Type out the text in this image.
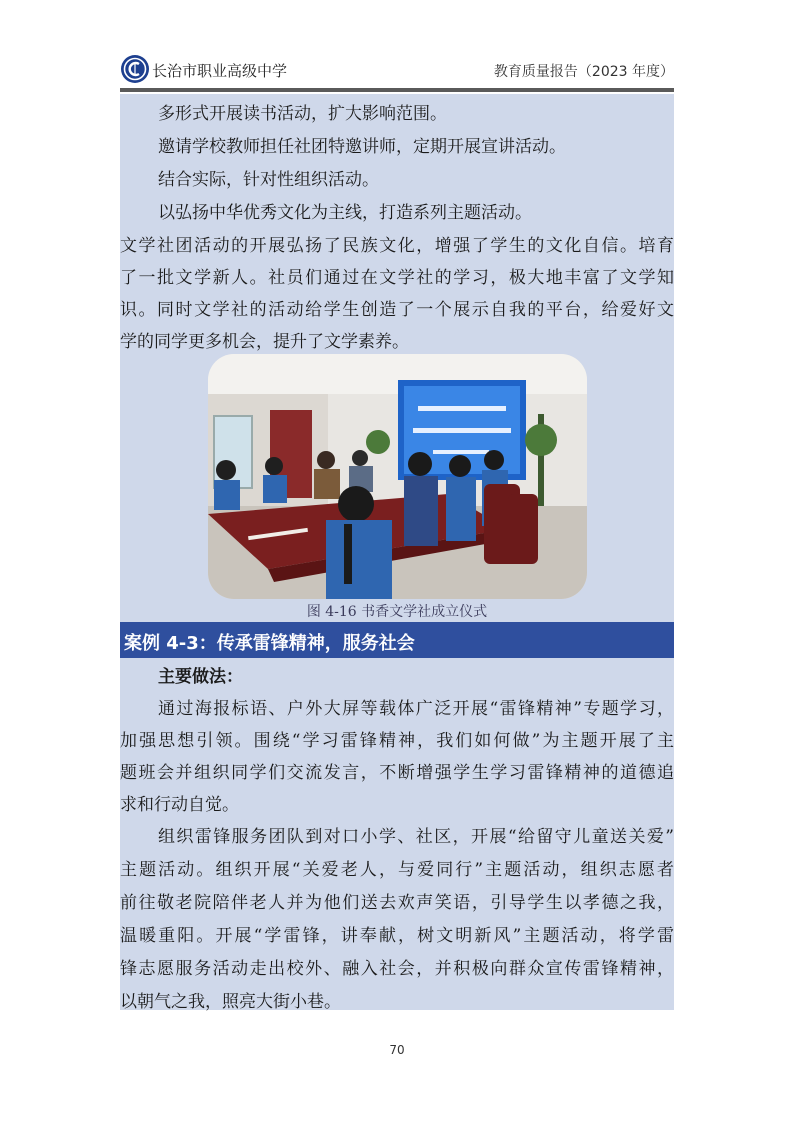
长治市职业高级中学	教育质量报告（2023 年度）
多形式开展读书活动，扩大影响范围。
邀请学校教师担任社团特邀讲师，定期开展宣讲活动。
结合实际，针对性组织活动。
以弘扬中华优秀文化为主线，打造系列主题活动。
文学社团活动的开展弘扬了民族文化，增强了学生的文化自信。培育
了一批文学新人。社员们通过在文学社的学习，极大地丰富了文学知
识。同时文学社的活动给学生创造了一个展示自我的平台，给爱好文
学的同学更多机会，提升了文学素养。
图 4-16 书香文学社成立仪式
案例 4-3：传承雷锋精神，服务社会
主要做法：
通过海报标语、户外大屏等载体广泛开展“雷锋精神”专题学习，
加强思想引领。围绕“学习雷锋精神，我们如何做”为主题开展了主
题班会并组织同学们交流发言，不断增强学生学习雷锋精神的道德追
求和行动自觉。
组织雷锋服务团队到对口小学、社区，开展“给留守儿童送关爱”
主题活动。组织开展“关爱老人，与爱同行”主题活动，组织志愿者
前往敬老院陪伴老人并为他们送去欢声笑语，引导学生以孝德之我，
温暖重阳。开展“学雷锋，讲奉献，树文明新风”主题活动，将学雷
锋志愿服务活动走出校外、融入社会，并积极向群众宣传雷锋精神，
以朝气之我，照亮大街小巷。
70
